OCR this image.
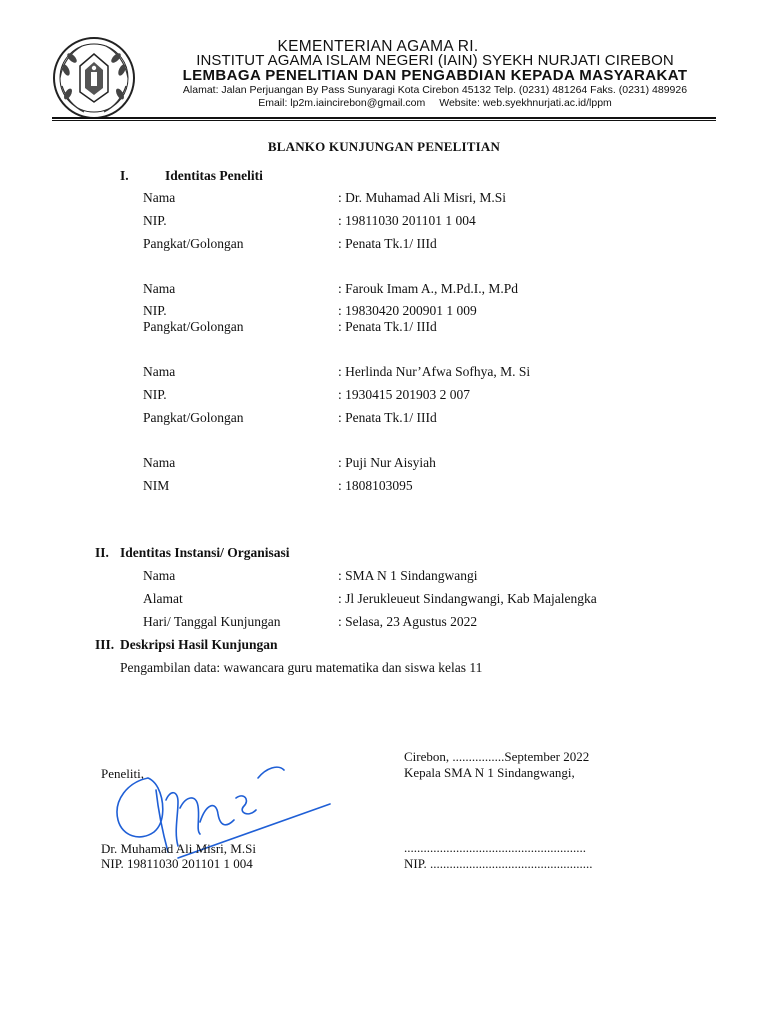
KEMENTERIAN AGAMA RI.
INSTITUT AGAMA ISLAM NEGERI (IAIN) SYEKH NURJATI CIREBON
LEMBAGA PENELITIAN DAN PENGABDIAN KEPADA MASYARAKAT
Alamat: Jalan Perjuangan By Pass Sunyaragi Kota Cirebon 45132 Telp. (0231) 481264 Faks. (0231) 489926
Email: lp2m.iaincirebon@gmail.com Website: web.syekhnurjati.ac.id/lppm
BLANKO KUNJUNGAN PENELITIAN
I.	Identitas Peneliti
Nama	: Dr. Muhamad Ali Misri, M.Si
NIP.	: 19811030 201101 1 004
Pangkat/Golongan	: Penata Tk.1/ IIId
Nama	: Farouk Imam A., M.Pd.I., M.Pd
NIP.	: 19830420 200901 1 009
Pangkat/Golongan	: Penata Tk.1/ IIId
Nama	: Herlinda Nur’Afwa Sofhya, M. Si
NIP.	: 1930415 201903 2 007
Pangkat/Golongan	: Penata Tk.1/ IIId
Nama	: Puji Nur Aisyiah
NIM	: 1808103095
II. Identitas Instansi/ Organisasi
Nama	: SMA N 1 Sindangwangi
Alamat	: Jl Jerukleueut Sindangwangi, Kab Majalengka
Hari/ Tanggal Kunjungan	: Selasa, 23 Agustus 2022
III. Deskripsi Hasil Kunjungan
Pengambilan data: wawancara guru matematika dan siswa kelas 11
Cirebon, ................September 2022
Kepala SMA N 1 Sindangwangi,
Peneliti,
Dr. Muhamad Ali Misri, M.Si
NIP. 19811030 201101 1 004
........................................................
NIP. ..................................................
